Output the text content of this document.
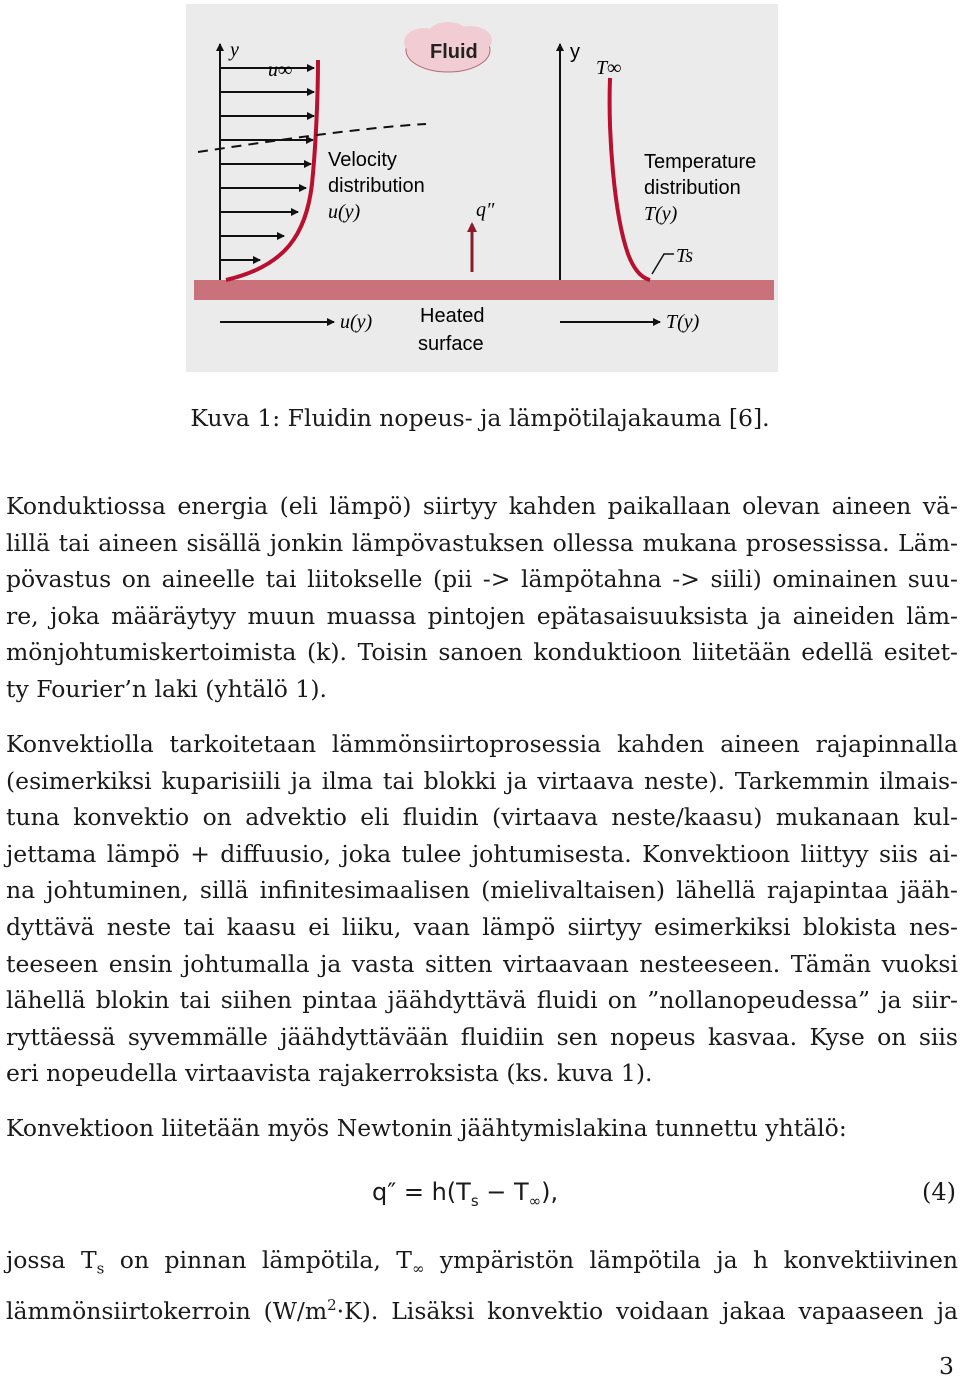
y
u∞
Fluid
Velocity
distribution
u(y)	q″
y
T∞
Temperature
distribution
T(y)
Ts
u(y) Heated
surface
T(y)
Kuva 1: Fluidin nopeus- ja lämpötilajakauma [6].
Konduktiossa energia (eli lämpö) siirtyy kahden paikallaan olevan aineen vä-
lillä tai aineen sisällä jonkin lämpövastuksen ollessa mukana prosessissa. Läm-
pövastus on aineelle tai liitokselle (pii -> lämpötahna -> siili) ominainen suu-
re, joka määräytyy muun muassa pintojen epätasaisuuksista ja aineiden läm-
mönjohtumiskertoimista (k). Toisin sanoen konduktioon liitetään edellä esitet-
ty Fourier’n laki (yhtälö 1).
Konvektiolla tarkoitetaan lämmönsiirtoprosessia kahden aineen rajapinnalla
(esimerkiksi kuparisiili ja ilma tai blokki ja virtaava neste). Tarkemmin ilmais-
tuna konvektio on advektio eli fluidin (virtaava neste/kaasu) mukanaan kul-
jettama lämpö + diffuusio, joka tulee johtumisesta. Konvektioon liittyy siis ai-
na johtuminen, sillä infinitesimaalisen (mielivaltaisen) lähellä rajapintaa jääh-
dyttävä neste tai kaasu ei liiku, vaan lämpö siirtyy esimerkiksi blokista nes-
teeseen ensin johtumalla ja vasta sitten virtaavaan nesteeseen. Tämän vuoksi
lähellä blokin tai siihen pintaa jäähdyttävä fluidi on ”nollanopeudessa” ja siir-
ryttäessä syvemmälle jäähdyttävään fluidiin sen nopeus kasvaa. Kyse on siis
eri nopeudella virtaavista rajakerroksista (ks. kuva 1).
Konvektioon liitetään myös Newtonin jäähtymislakina tunnettu yhtälö:
$q'' = h(T_s - T_\infty)$,	(4)
jossa $T_s$ on pinnan lämpötila, $T_\infty$ ympäristön lämpötila ja h konvektiivinen
lämmönsiirtokerroin $(W/m^2\cdot K)$. Lisäksi konvektio voidaan jakaa vapaaseen ja
3
